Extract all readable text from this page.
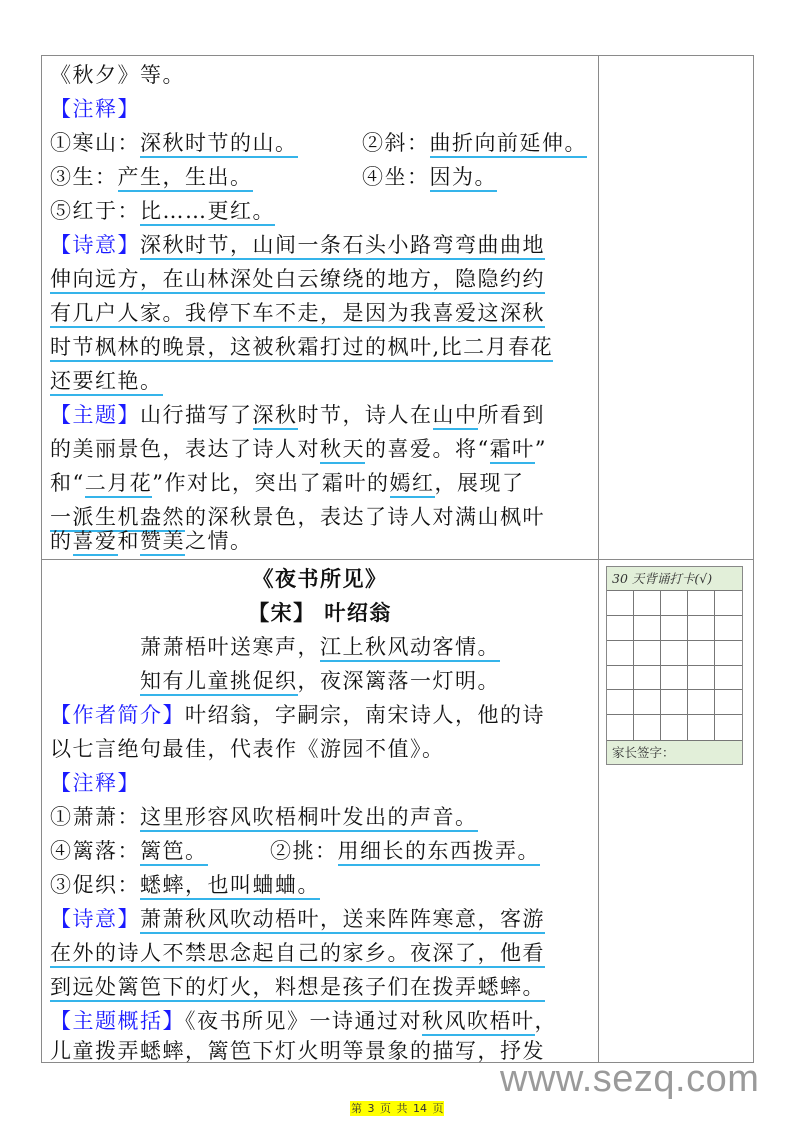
《秋夕》等。
【注释】
①寒山：深秋时节的山。	②斜：曲折向前延伸。
③生：产生，生出。	④坐：因为。
⑤红于：比……更红。
【诗意】深秋时节，山间一条石头小路弯弯曲曲地
伸向远方，在山林深处白云缭绕的地方，隐隐约约
有几户人家。我停下车不走，是因为我喜爱这深秋
时节枫林的晚景，这被秋霜打过的枫叶,比二月春花
还要红艳。
【主题】山行描写了深秋时节，诗人在山中所看到
的美丽景色，表达了诗人对秋天的喜爱。将“霜叶”
和“二月花”作对比，突出了霜叶的嫣红，展现了
一派生机盎然的深秋景色，表达了诗人对满山枫叶
的喜爱和赞美之情。
《夜书所见》
【宋】 叶绍翁
萧萧梧叶送寒声，江上秋风动客情。
知有儿童挑促织，夜深篱落一灯明。
【作者简介】叶绍翁，字嗣宗，南宋诗人，他的诗
以七言绝句最佳，代表作《游园不值》。
【注释】
①萧萧：这里形容风吹梧桐叶发出的声音。
④篱落：篱笆。	②挑：用细长的东西拨弄。
③促织：蟋蟀，也叫蛐蛐。
【诗意】萧萧秋风吹动梧叶，送来阵阵寒意，客游
在外的诗人不禁思念起自己的家乡。夜深了，他看
到远处篱笆下的灯火，料想是孩子们在拨弄蟋蟀。
【主题概括】《夜书所见》一诗通过对秋风吹梧叶，
儿童拨弄蟋蟀，篱笆下灯火明等景象的描写，抒发
30 天背诵打卡(√)
家长签字：
www.sezq.com
第 3 页 共 14 页
